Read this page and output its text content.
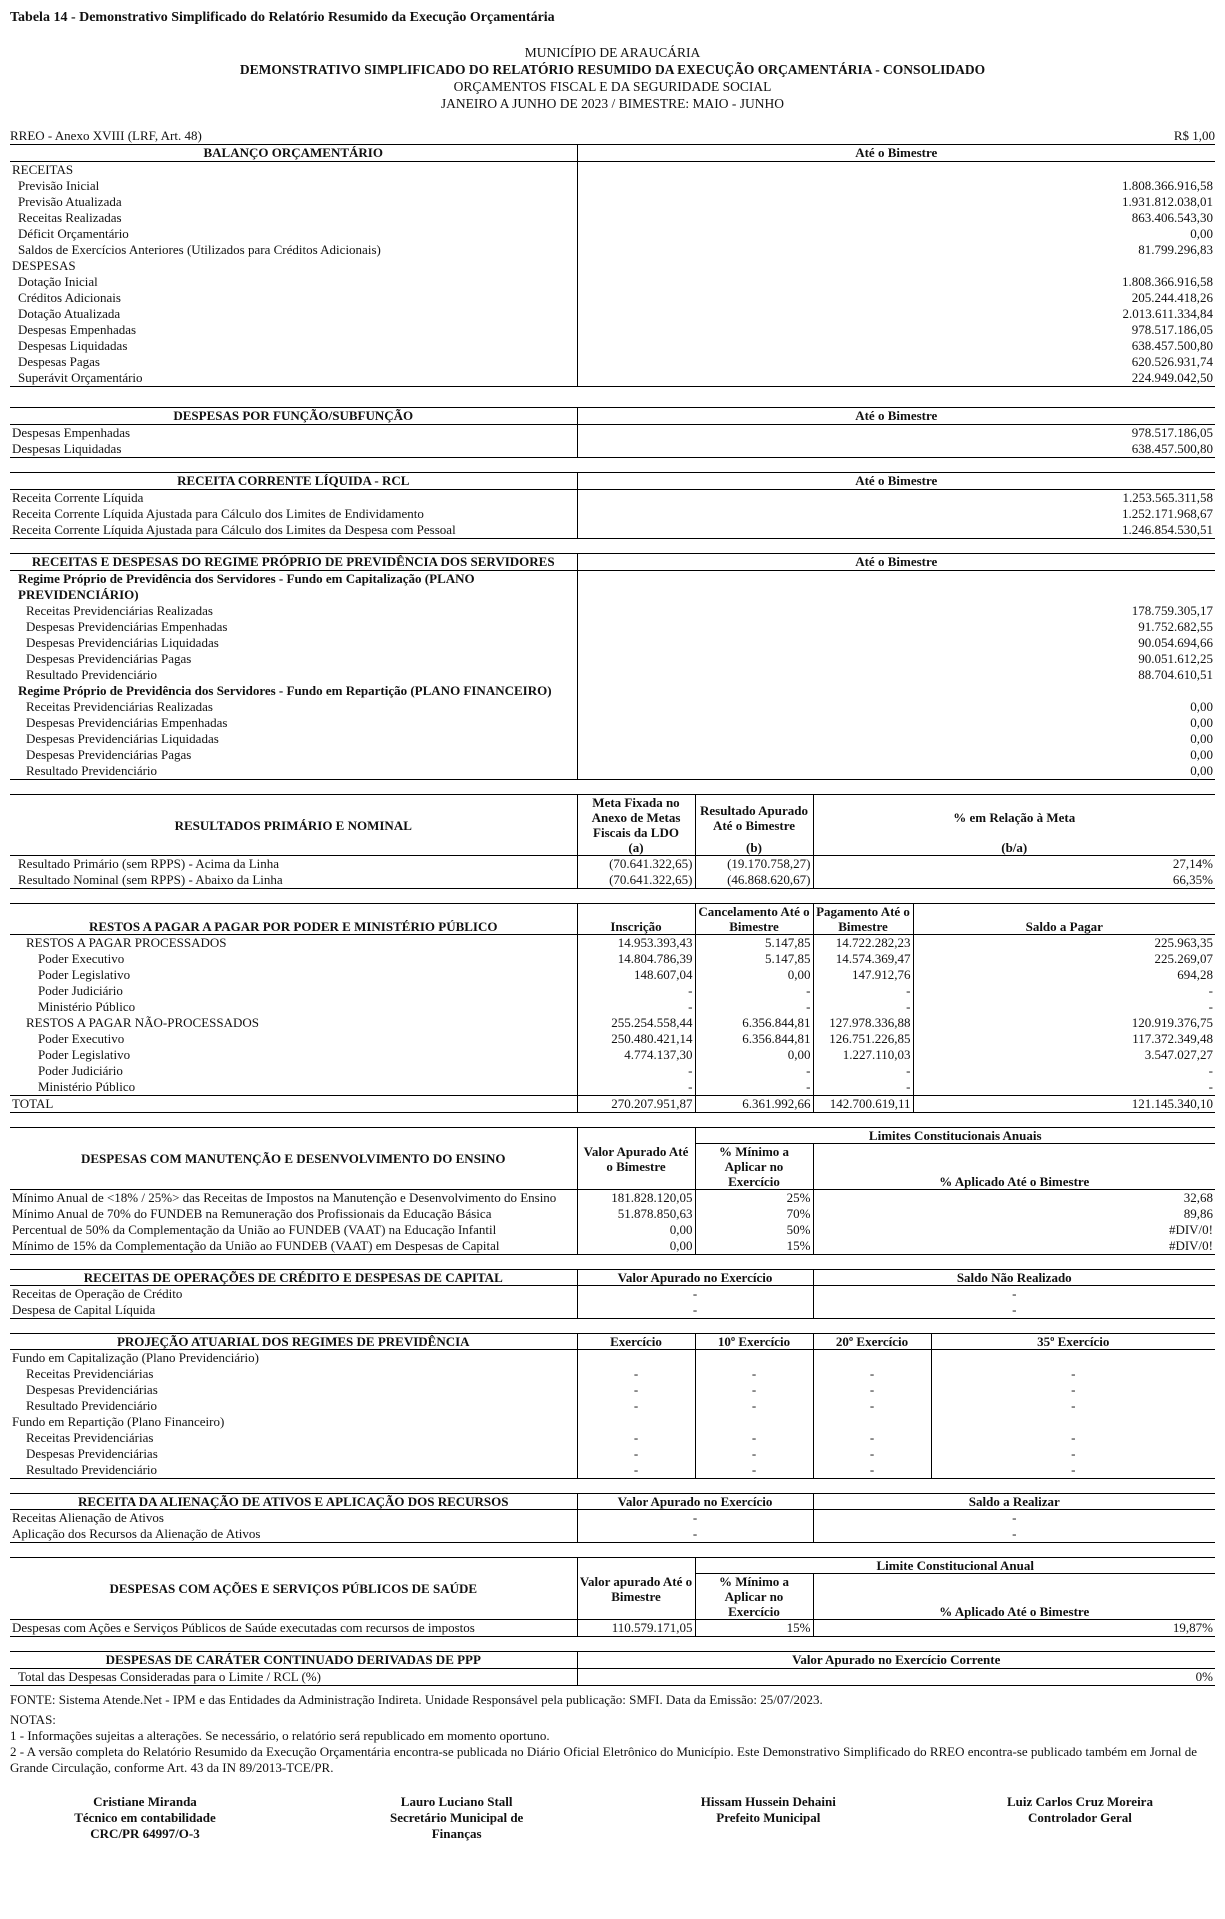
Tabela 14 - Demonstrativo Simplificado do Relatório Resumido da Execução Orçamentária
MUNICÍPIO DE ARAUCÁRIA
DEMONSTRATIVO SIMPLIFICADO DO RELATÓRIO RESUMIDO DA EXECUÇÃO ORÇAMENTÁRIA - CONSOLIDADO
ORÇAMENTOS FISCAL E DA SEGURIDADE SOCIAL
JANEIRO A JUNHO DE 2023 / BIMESTRE: MAIO - JUNHO
RREO - Anexo XVIII (LRF, Art. 48)	R$ 1,00
BALANÇO ORÇAMENTÁRIO	Até o Bimestre
RECEITAS	
Previsão Inicial	1.808.366.916,58
Previsão Atualizada	1.931.812.038,01
Receitas Realizadas	863.406.543,30
Déficit Orçamentário	0,00
Saldos de Exercícios Anteriores (Utilizados para Créditos Adicionais)	81.799.296,83
DESPESAS	
Dotação Inicial	1.808.366.916,58
Créditos Adicionais	205.244.418,26
Dotação Atualizada	2.013.611.334,84
Despesas Empenhadas	978.517.186,05
Despesas Liquidadas	638.457.500,80
Despesas Pagas	620.526.931,74
Superávit Orçamentário	224.949.042,50
DESPESAS POR FUNÇÃO/SUBFUNÇÃO	Até o Bimestre
Despesas Empenhadas	978.517.186,05
Despesas Liquidadas	638.457.500,80
RECEITA CORRENTE LÍQUIDA - RCL	Até o Bimestre
Receita Corrente Líquida	1.253.565.311,58
Receita Corrente Líquida Ajustada para Cálculo dos Limites de Endividamento	1.252.171.968,67
Receita Corrente Líquida Ajustada para Cálculo dos Limites da Despesa com Pessoal	1.246.854.530,51
RECEITAS E DESPESAS DO REGIME PRÓPRIO DE PREVIDÊNCIA DOS SERVIDORES	Até o Bimestre
Regime Próprio de Previdência dos Servidores - Fundo em Capitalização (PLANO PREVIDENCIÁRIO)	
Receitas Previdenciárias Realizadas	178.759.305,17
Despesas Previdenciárias Empenhadas	91.752.682,55
Despesas Previdenciárias Liquidadas	90.054.694,66
Despesas Previdenciárias Pagas	90.051.612,25
Resultado Previdenciário	88.704.610,51
Regime Próprio de Previdência dos Servidores - Fundo em Repartição (PLANO FINANCEIRO)	
Receitas Previdenciárias Realizadas	0,00
Despesas Previdenciárias Empenhadas	0,00
Despesas Previdenciárias Liquidadas	0,00
Despesas Previdenciárias Pagas	0,00
Resultado Previdenciário	0,00
RESULTADOS PRIMÁRIO E NOMINAL	Meta Fixada no Anexo de Metas Fiscais da LDO	Resultado Apurado Até o Bimestre	% em Relação à Meta
	(a)	(b)	(b/a)
Resultado Primário (sem RPPS) - Acima da Linha	(70.641.322,65)	(19.170.758,27)	27,14%
Resultado Nominal (sem RPPS) - Abaixo da Linha	(70.641.322,65)	(46.868.620,67)	66,35%
RESTOS A PAGAR A PAGAR POR PODER E MINISTÉRIO PÚBLICO	Inscrição	Cancelamento Até o Bimestre	Pagamento Até o Bimestre	Saldo a Pagar
RESTOS A PAGAR PROCESSADOS	14.953.393,43	5.147,85	14.722.282,23	225.963,35
Poder Executivo	14.804.786,39	5.147,85	14.574.369,47	225.269,07
Poder Legislativo	148.607,04	0,00	147.912,76	694,28
Poder Judiciário	-	-	-	-
Ministério Público	-	-	-	-
RESTOS A PAGAR NÃO-PROCESSADOS	255.254.558,44	6.356.844,81	127.978.336,88	120.919.376,75
Poder Executivo	250.480.421,14	6.356.844,81	126.751.226,85	117.372.349,48
Poder Legislativo	4.774.137,30	0,00	1.227.110,03	3.547.027,27
Poder Judiciário	-	-	-	-
Ministério Público	-	-	-	-
TOTAL	270.207.951,87	6.361.992,66	142.700.619,11	121.145.340,10
DESPESAS COM MANUTENÇÃO E DESENVOLVIMENTO DO ENSINO	Valor Apurado Até o Bimestre	Limites Constitucionais Anuais	
		% Mínimo a Aplicar no Exercício	% Aplicado Até o Bimestre
Mínimo Anual de <18% / 25%> das Receitas de Impostos na Manutenção e Desenvolvimento do Ensino	181.828.120,05	25%	32,68
Mínimo Anual de 70% do FUNDEB na Remuneração dos Profissionais da Educação Básica	51.878.850,63	70%	89,86
Percentual de 50% da Complementação da União ao FUNDEB (VAAT) na Educação Infantil	0,00	50%	#DIV/0!
Mínimo de 15% da Complementação da União ao FUNDEB (VAAT) em Despesas de Capital	0,00	15%	#DIV/0!
RECEITAS DE OPERAÇÕES DE CRÉDITO E DESPESAS DE CAPITAL	Valor Apurado no Exercício	Saldo Não Realizado
Receitas de Operação de Crédito	-	-
Despesa de Capital Líquida	-	-
PROJEÇÃO ATUARIAL DOS REGIMES DE PREVIDÊNCIA	Exercício	10º Exercício	20º Exercício	35º Exercício
Fundo em Capitalização (Plano Previdenciário)				
Receitas Previdenciárias	-	-	-	-
Despesas Previdenciárias	-	-	-	-
Resultado Previdenciário	-	-	-	-
Fundo em Repartição (Plano Financeiro)				
Receitas Previdenciárias	-	-	-	-
Despesas Previdenciárias	-	-	-	-
Resultado Previdenciário	-	-	-	-
RECEITA DA ALIENAÇÃO DE ATIVOS E APLICAÇÃO DOS RECURSOS	Valor Apurado no Exercício	Saldo a Realizar
Receitas Alienação de Ativos	-	-
Aplicação dos Recursos da Alienação de Ativos	-	-
DESPESAS COM AÇÕES E SERVIÇOS PÚBLICOS DE SAÚDE	Valor apurado Até o Bimestre	Limite Constitucional Anual	
		% Mínimo a Aplicar no Exercício	% Aplicado Até o Bimestre
Despesas com Ações e Serviços Públicos de Saúde executadas com recursos de impostos	110.579.171,05	15%	19,87%
DESPESAS DE CARÁTER CONTINUADO DERIVADAS DE PPP	Valor Apurado no Exercício Corrente
Total das Despesas Consideradas para o Limite / RCL (%)	0%
FONTE: Sistema Atende.Net - IPM e das Entidades da Administração Indireta. Unidade Responsável pela publicação: SMFI. Data da Emissão: 25/07/2023.
NOTAS:
1 - Informações sujeitas a alterações. Se necessário, o relatório será republicado em momento oportuno.
2 - A versão completa do Relatório Resumido da Execução Orçamentária encontra-se publicada no Diário Oficial Eletrônico do Município. Este Demonstrativo Simplificado do RREO encontra-se publicado também em Jornal de Grande Circulação, conforme Art. 43 da IN 89/2013-TCE/PR.
Cristiane Miranda
Técnico em contabilidade
CRC/PR 64997/O-3
Lauro Luciano Stall
Secretário Municipal de
Finanças
Hissam Hussein Dehaini
Prefeito Municipal
Luiz Carlos Cruz Moreira
Controlador Geral
